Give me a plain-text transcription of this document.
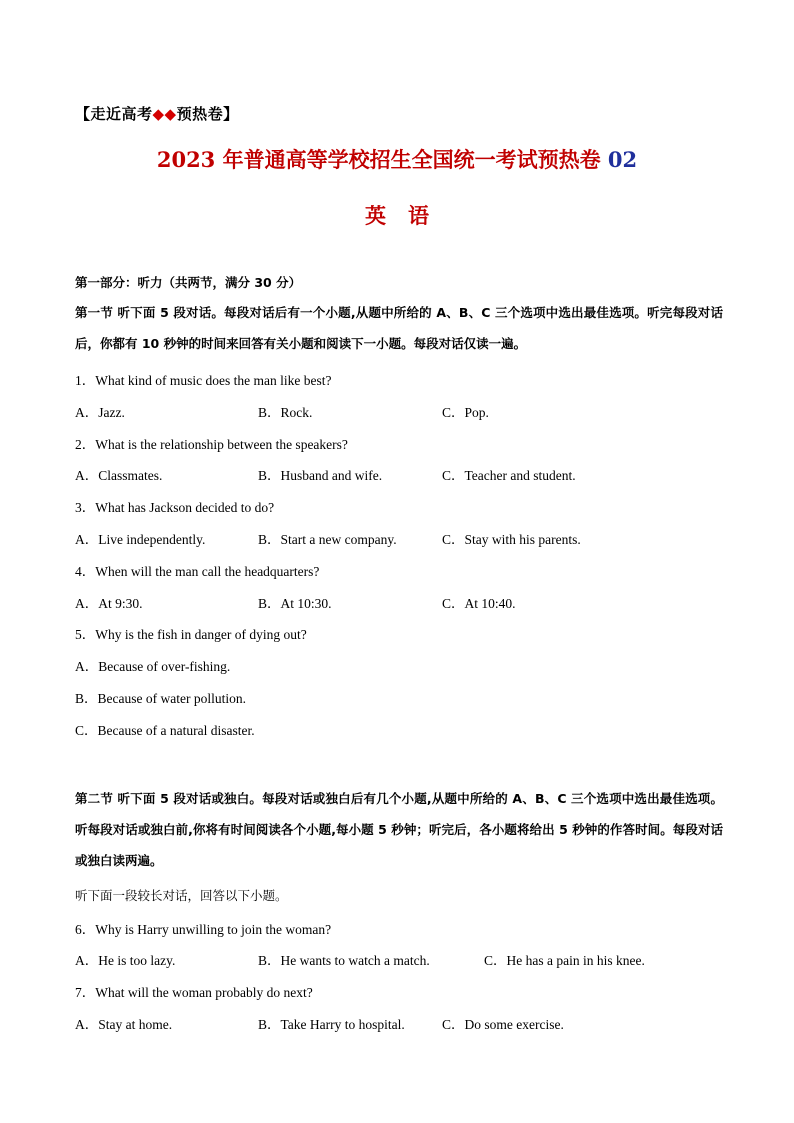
【走近高考◆◆预热卷】
2023 年普通高等学校招生全国统一考试预热卷 02
英语
第一部分：听力（共两节，满分 30 分）
第一节 听下面 5 段对话。每段对话后有一个小题,从题中所给的 A、B、C 三个选项中选出最佳选项。听完每段对话后，你都有 10 秒钟的时间来回答有关小题和阅读下一小题。每段对话仅读一遍。
1．What kind of music does the man like best?
A．Jazz.	B．Rock.	C．Pop.
2．What is the relationship between the speakers?
A．Classmates.	B．Husband and wife.	C．Teacher and student.
3．What has Jackson decided to do?
A．Live independently.	B．Start a new company.	C．Stay with his parents.
4．When will the man call the headquarters?
A．At 9:30.	B．At 10:30.	C．At 10:40.
5．Why is the fish in danger of dying out?
A．Because of over-fishing.
B．Because of water pollution.
C．Because of a natural disaster.
第二节 听下面 5 段对话或独白。每段对话或独白后有几个小题,从题中所给的 A、B、C 三个选项中选出最佳选项。听每段对话或独白前,你将有时间阅读各个小题,每小题 5 秒钟；听完后，各小题将给出 5 秒钟的作答时间。每段对话或独白读两遍。
听下面一段较长对话，回答以下小题。
6．Why is Harry unwilling to join the woman?
A．He is too lazy.	B．He wants to watch a match.	C．He has a pain in his knee.
7．What will the woman probably do next?
A．Stay at home.	B．Take Harry to hospital.	C．Do some exercise.
